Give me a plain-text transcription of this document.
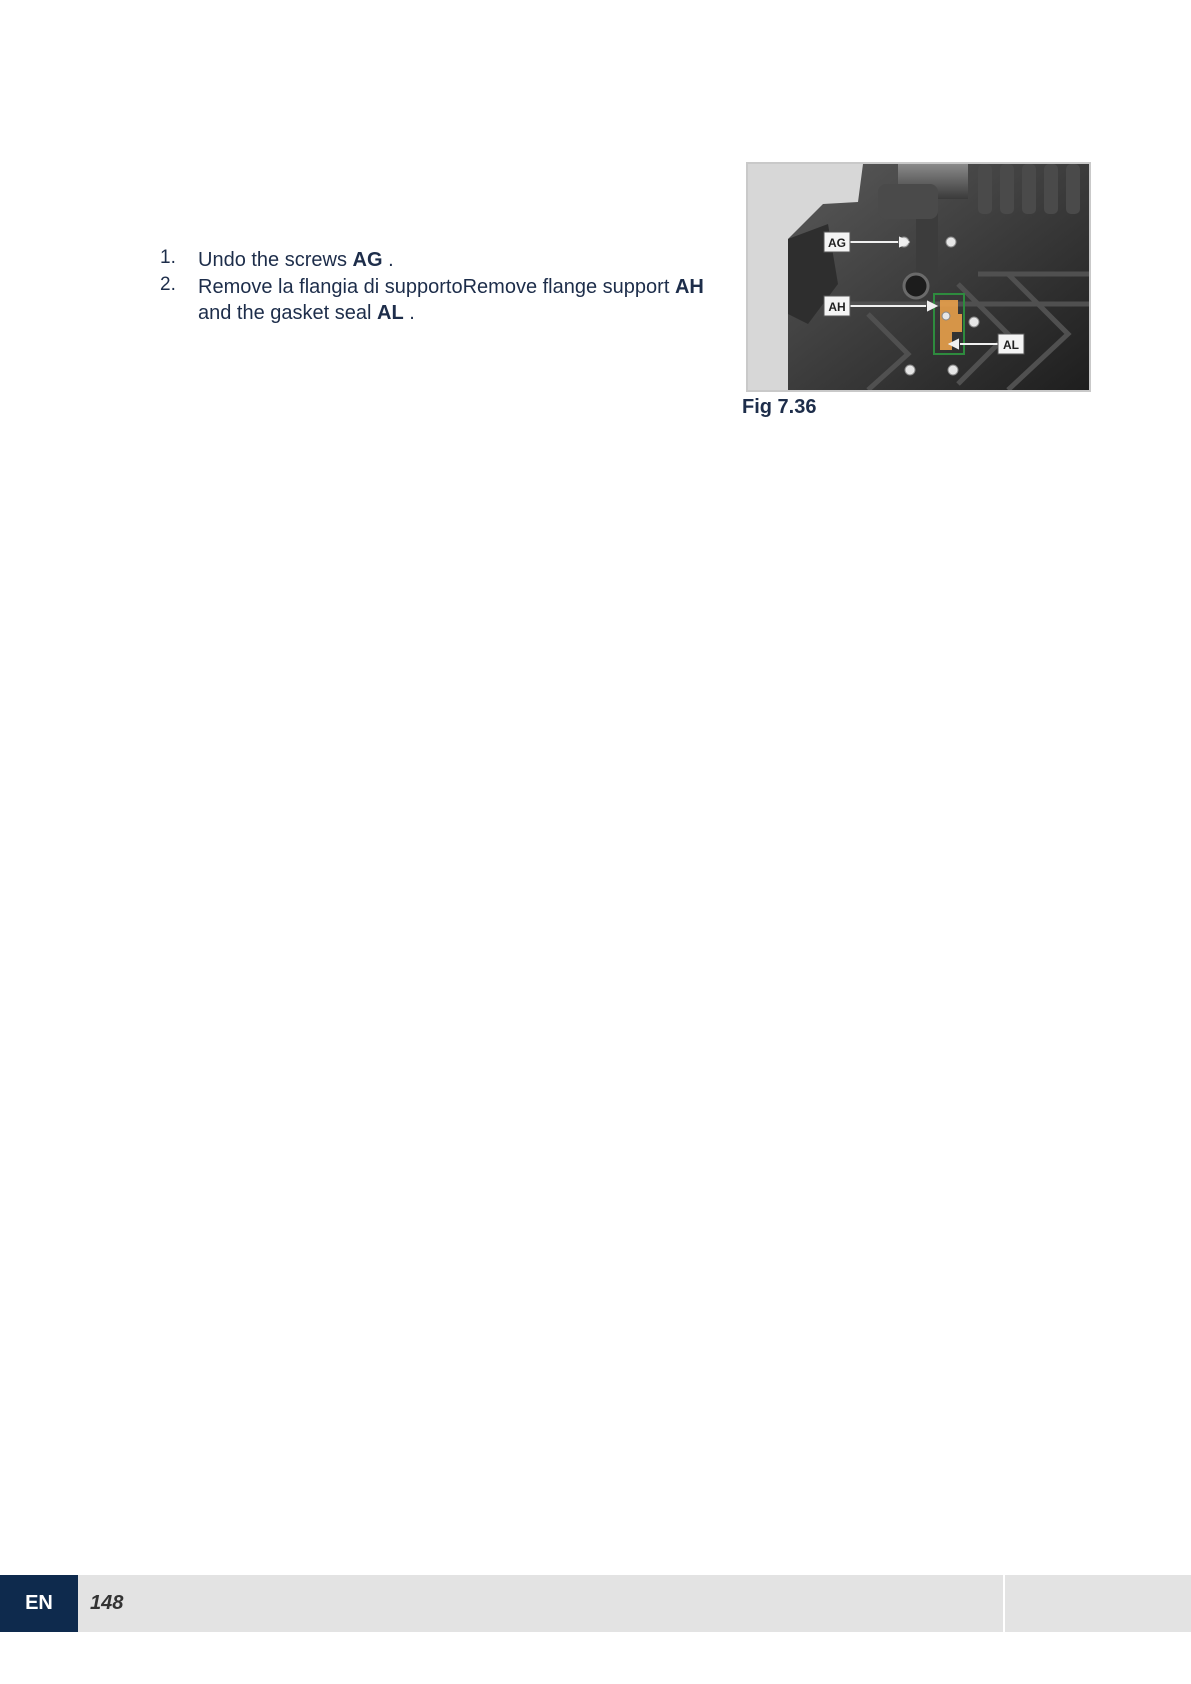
1. Undo the screws AG .
2. Remove la flangia di supportoRemove flange support AH and the gasket seal AL .
AG
AH
AL
Fig 7.36
EN	148
